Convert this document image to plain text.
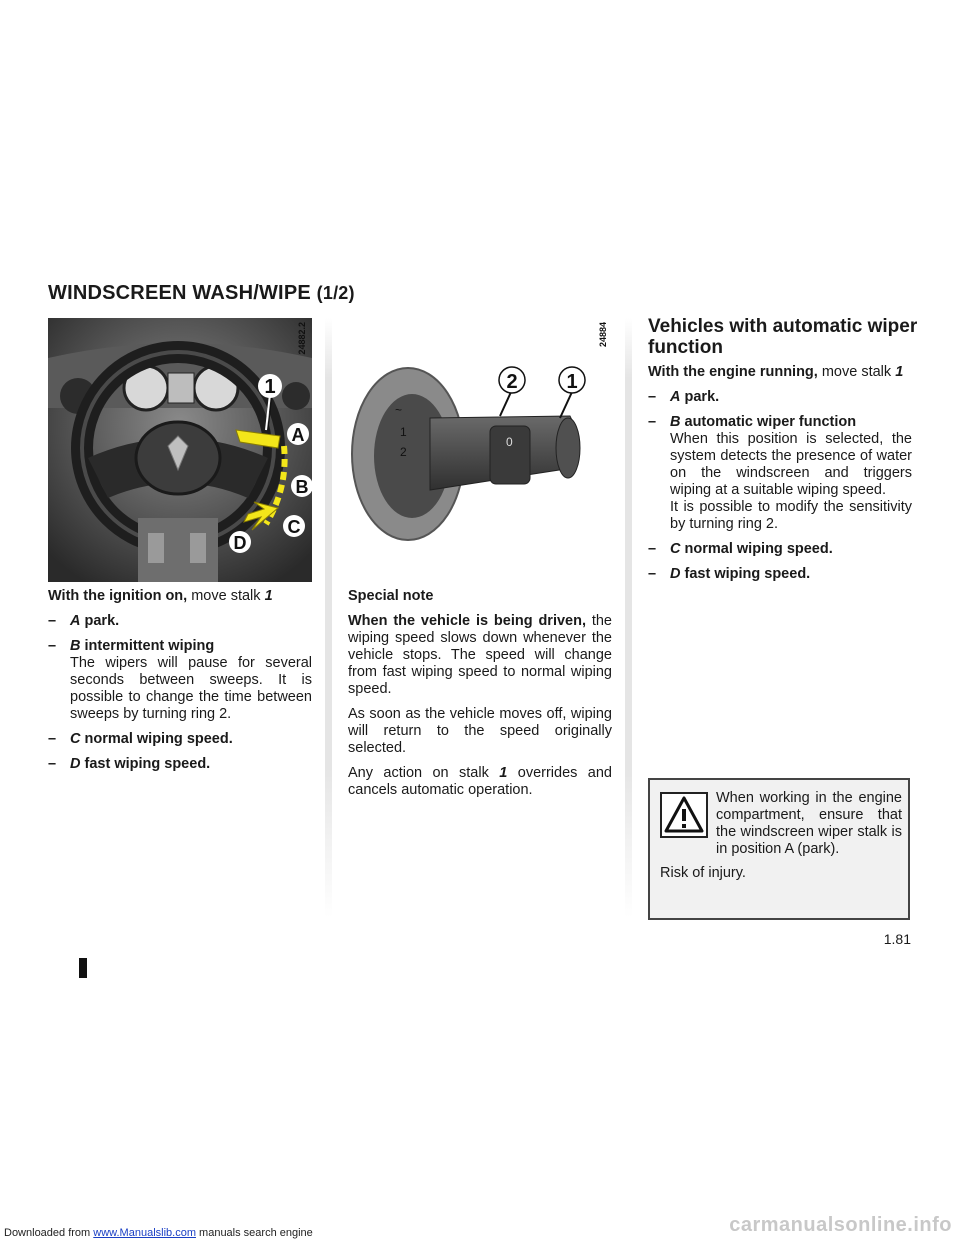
Downloaded from www.Manualslib.com manuals search engine
WINDSCREEN WASH/WIPE (1/2)
1
A
B
C
D
24882.2
~
1
2
0
2 1
24884

With the ignition on, move stalk 1

– A park.
– B intermittent wiping

The wipers will pause for several seconds between sweeps. It is possible to change the time between sweeps by turning ring 2.
– C normal wiping speed.
– D fast wiping speed.

Special note

When the vehicle is being driven, the wiping speed slows down whenever the vehicle stops. The speed will change from fast wiping speed to normal wiping speed.

As soon as the vehicle moves off, wiping will return to the speed originally selected.

Any action on stalk 1 overrides and cancels automatic operation.

Vehicles with automatic wiper function

With the engine running, move stalk 1

– A park.
– B automatic wiper function

When this position is selected, the system detects the presence of water on the windscreen and triggers wiping at a suitable wiping speed.
It is possible to modify the sensitivity by turning ring 2.
– C normal wiping speed.
– D fast wiping speed.
When working in the engine compartment, ensure that the windscreen wiper stalk is in position A (park).
Risk of injury.
1.81
carmanualsonline.info
